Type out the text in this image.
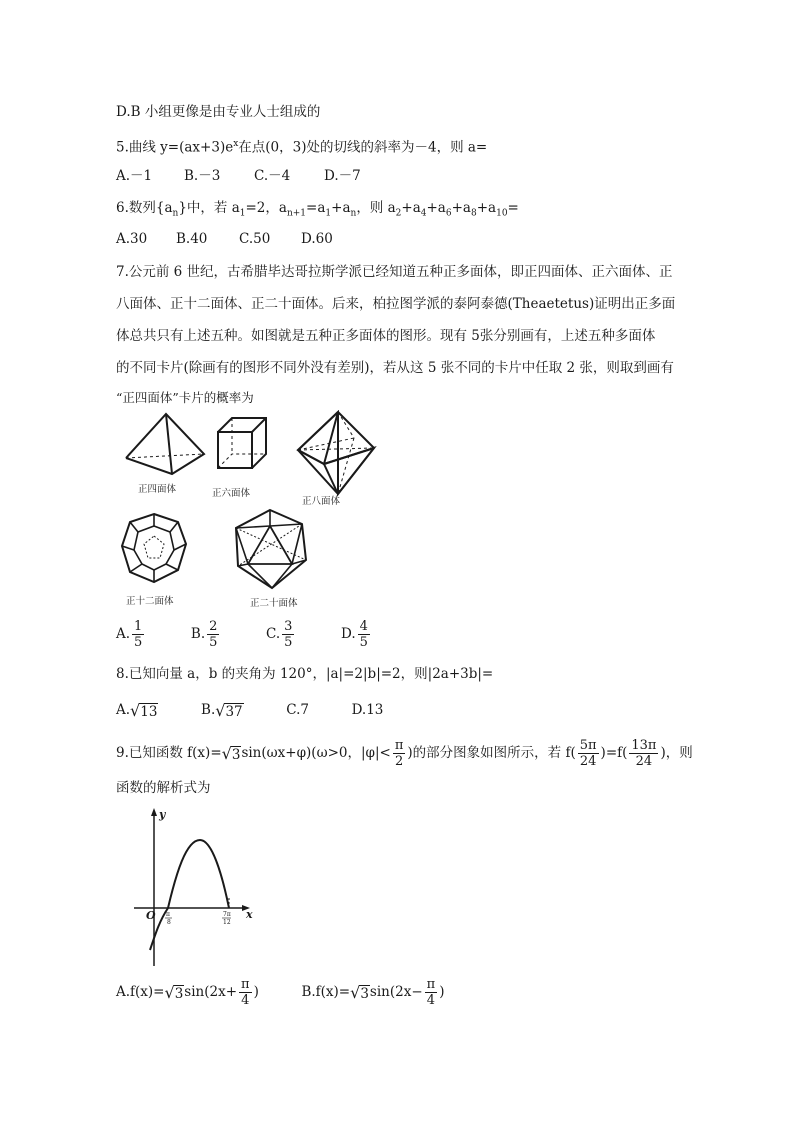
D.B 小组更像是由专业人士组成的
5.曲线 $y=(ax+3)e^x$在点(0，3)处的切线的斜率为－4，则 a=
A.－1 B.－3 C.－4	D.－7
6.数列$\{a_n\}$中，若 $a_1=2$，$a_{n+1}=a_1+a_n$，则 $a_2+a_4+a_6+a_8+a_{10}=$
A.30 B.40 C.50 D.60
7.公元前 6 世纪，古希腊毕达哥拉斯学派已经知道五种正多面体，即正四面体、正六面体、正
八面体、正十二面体、正二十面体。后来，柏拉图学派的泰阿泰德(Theaetetus)证明出正多面
体总共只有上述五种。如图就是五种正多面体的图形。现有 5张分别画有，上述五种多面体
的不同卡片(除画有的图形不同外没有差别)，若从这 5 张不同的卡片中任取 2 张，则取到画有
“正四面体”卡片的概率为
正四面体	正六面体
正八面体
正十二面体	正二十面体
A. $\frac{1}{5}$	B. $\frac{2}{5}$	C. $\frac{3}{5}$	D. $\frac{4}{5}$
8.已知向量 a，b 的夹角为 120°，|a|=2|b|=2，则|2a+3b|=
A. √ 13	B. √ 37	C.7	D.13
9.已知函数 f(x)= √ 3 sin(ωx+φ)(ω>0，$|\varphi|< \frac{\pi}{2}$ )的部分图象如图所示，若 $f( \frac{5\pi}{24} )=f( \frac{13\pi}{24}$ )，则
函数的解析式为
O
y
x
π
8
7π
12
A.f(x)= √ 3 $\sin(2x+ \frac{\pi}{4}$ )	B.f(x)= √ 3 $\sin(2x- \frac{\pi}{4}$ )
